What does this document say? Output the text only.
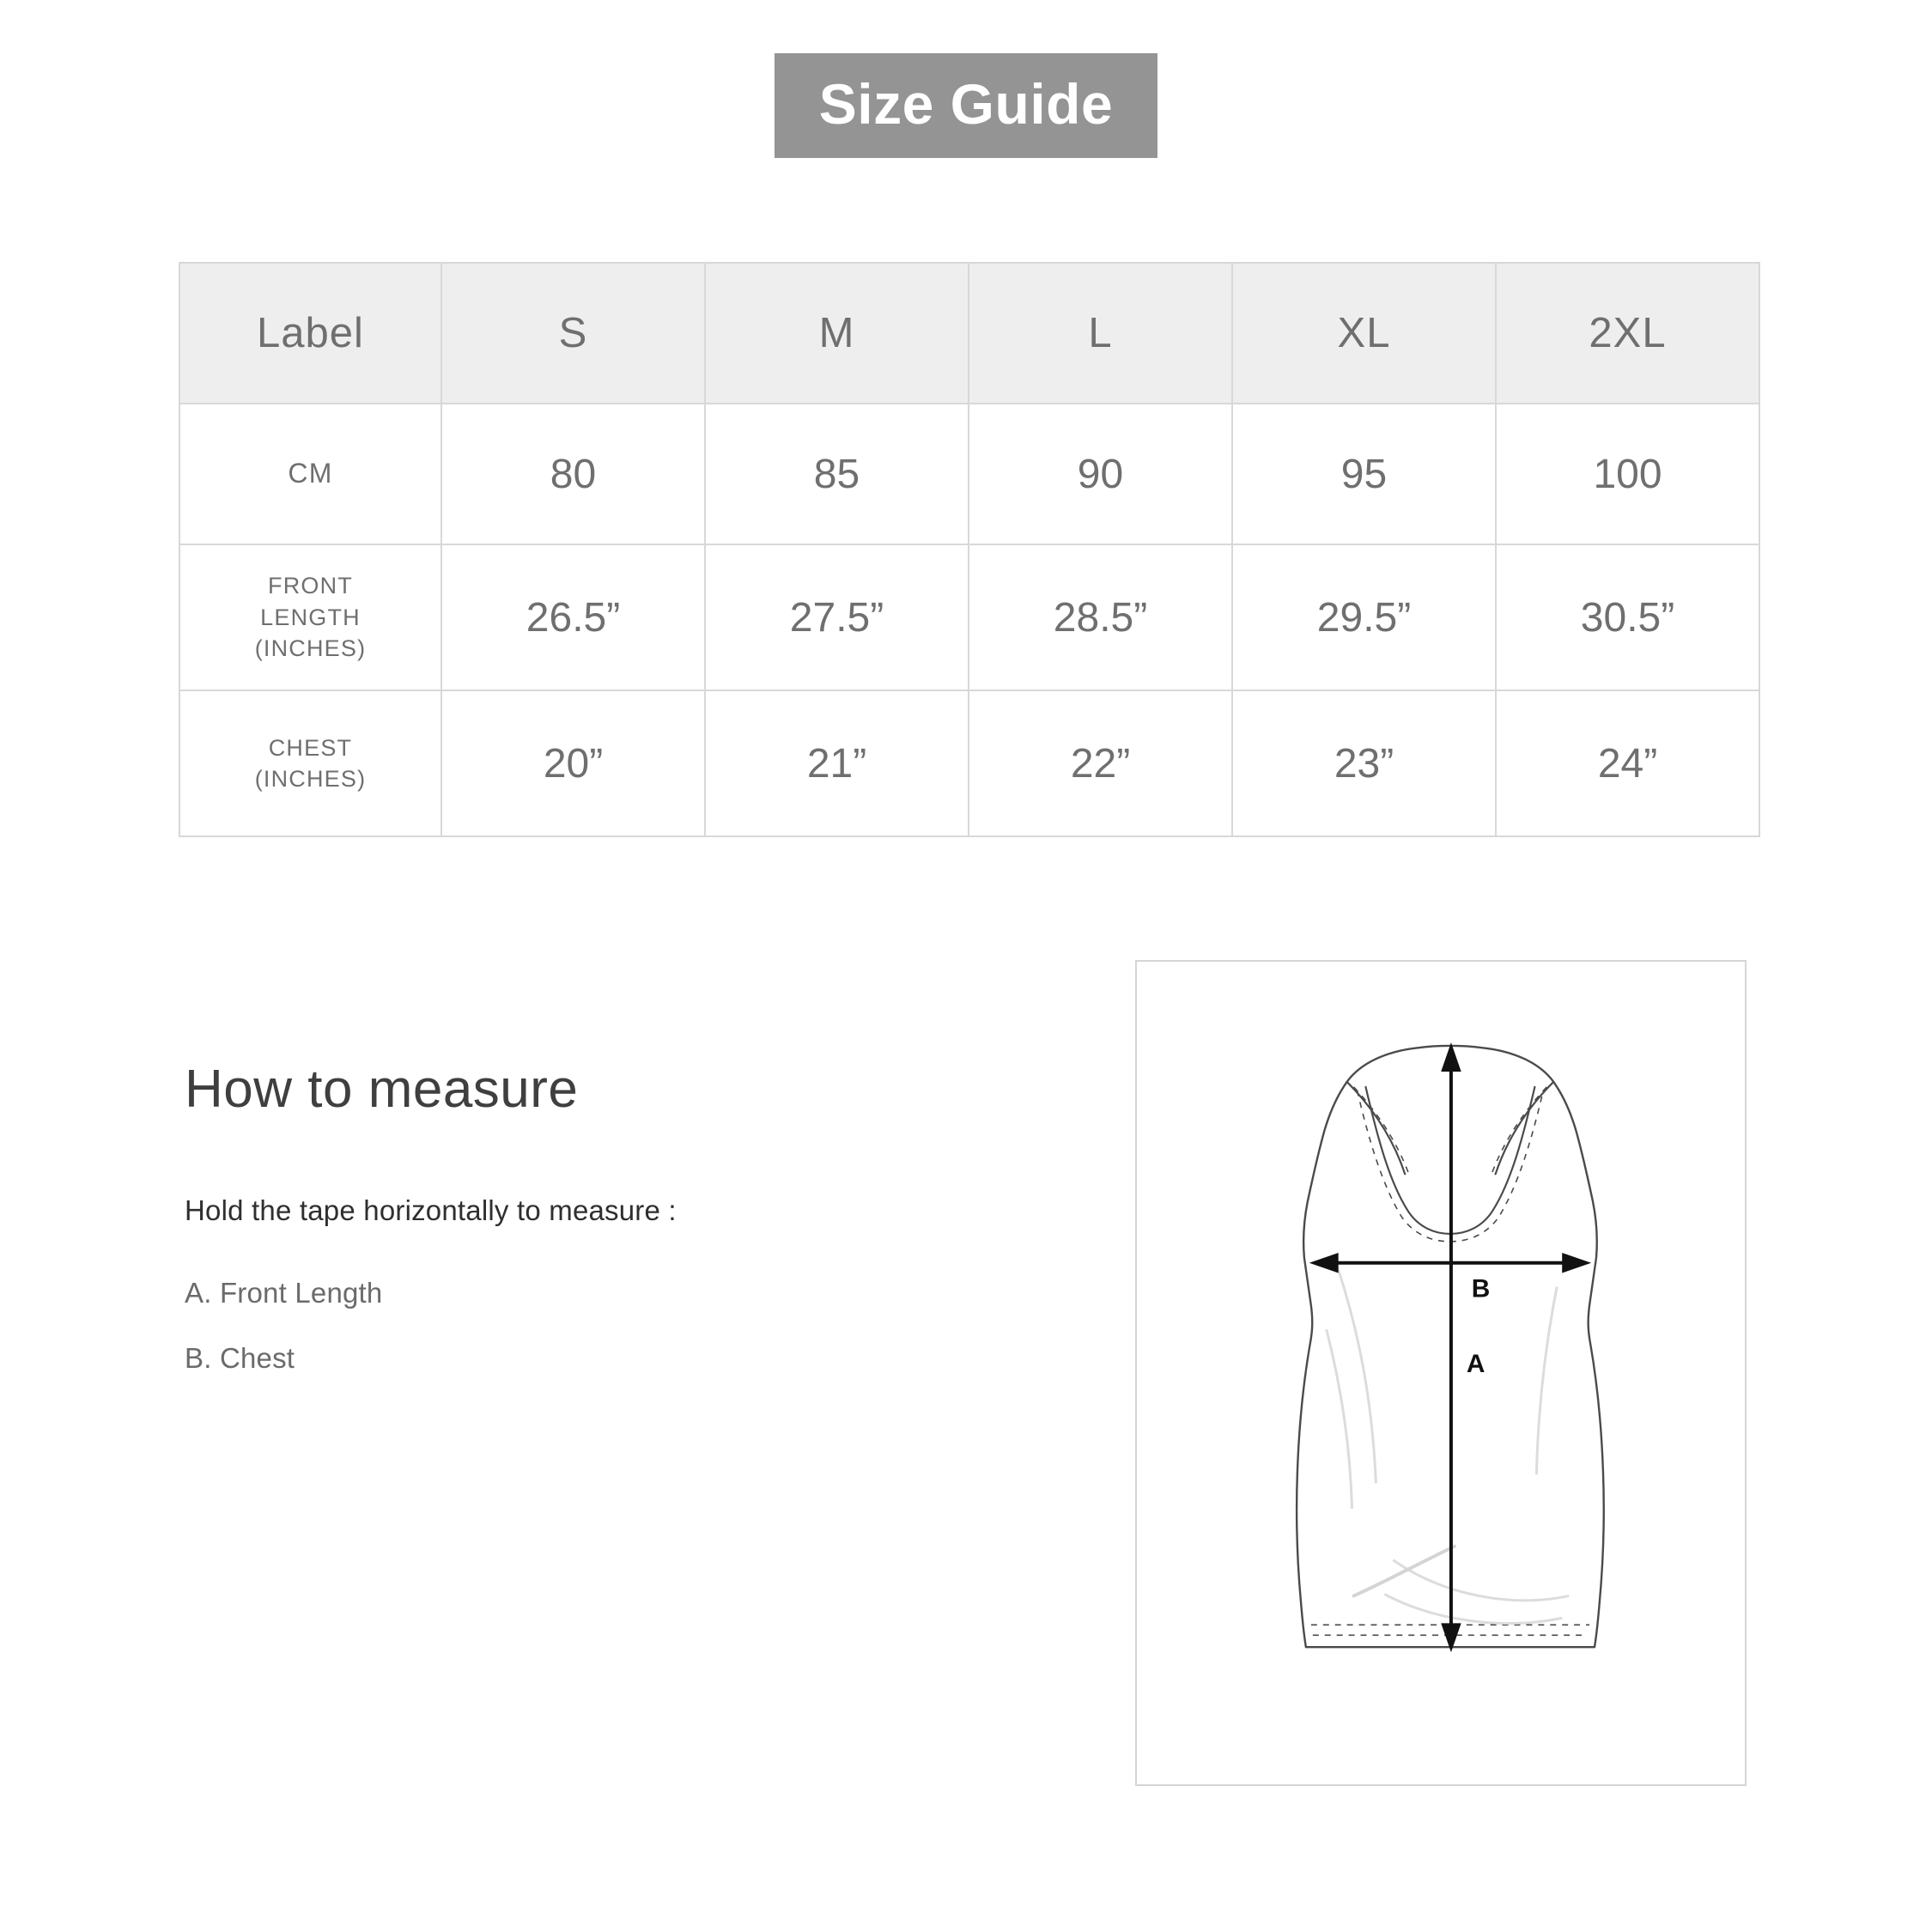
Size Guide
Label	S	M	L	XL	2XL
CM	80	85	90	95	100
FRONT
LENGTH
(INCHES)	26.5”	27.5”	28.5”	29.5”	30.5”
CHEST
(INCHES)	20”	21”	22”	23”	24”
How to measure

Hold the tape horizontally to measure :

A. Front Length

B. Chest	A
B
